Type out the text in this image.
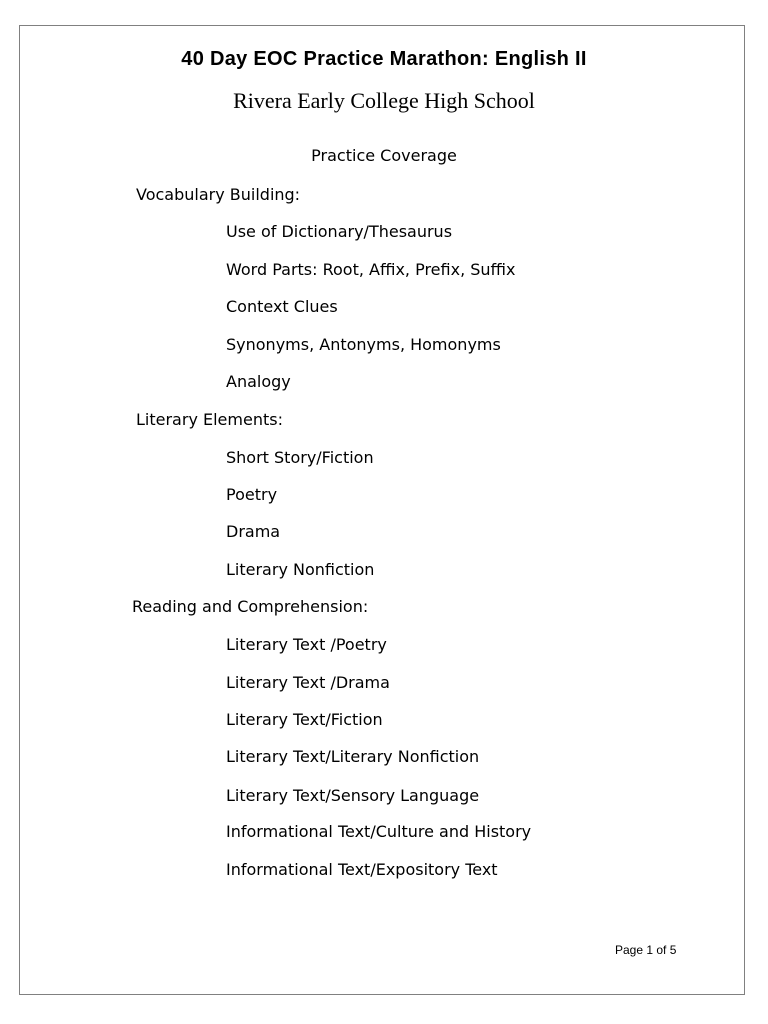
40 Day EOC Practice Marathon: English II
Rivera Early College High School
Practice Coverage
Vocabulary Building:
Use of Dictionary/Thesaurus
Word Parts: Root, Affix, Prefix, Suffix
Context Clues
Synonyms, Antonyms, Homonyms
Analogy
Literary Elements:
Short Story/Fiction
Poetry
Drama
Literary Nonfiction
Reading and Comprehension:
Literary Text /Poetry
Literary Text /Drama
Literary Text/Fiction
Literary Text/Literary Nonfiction
Literary Text/Sensory Language
Informational Text/Culture and History
Informational Text/Expository Text
Page 1 of 5
